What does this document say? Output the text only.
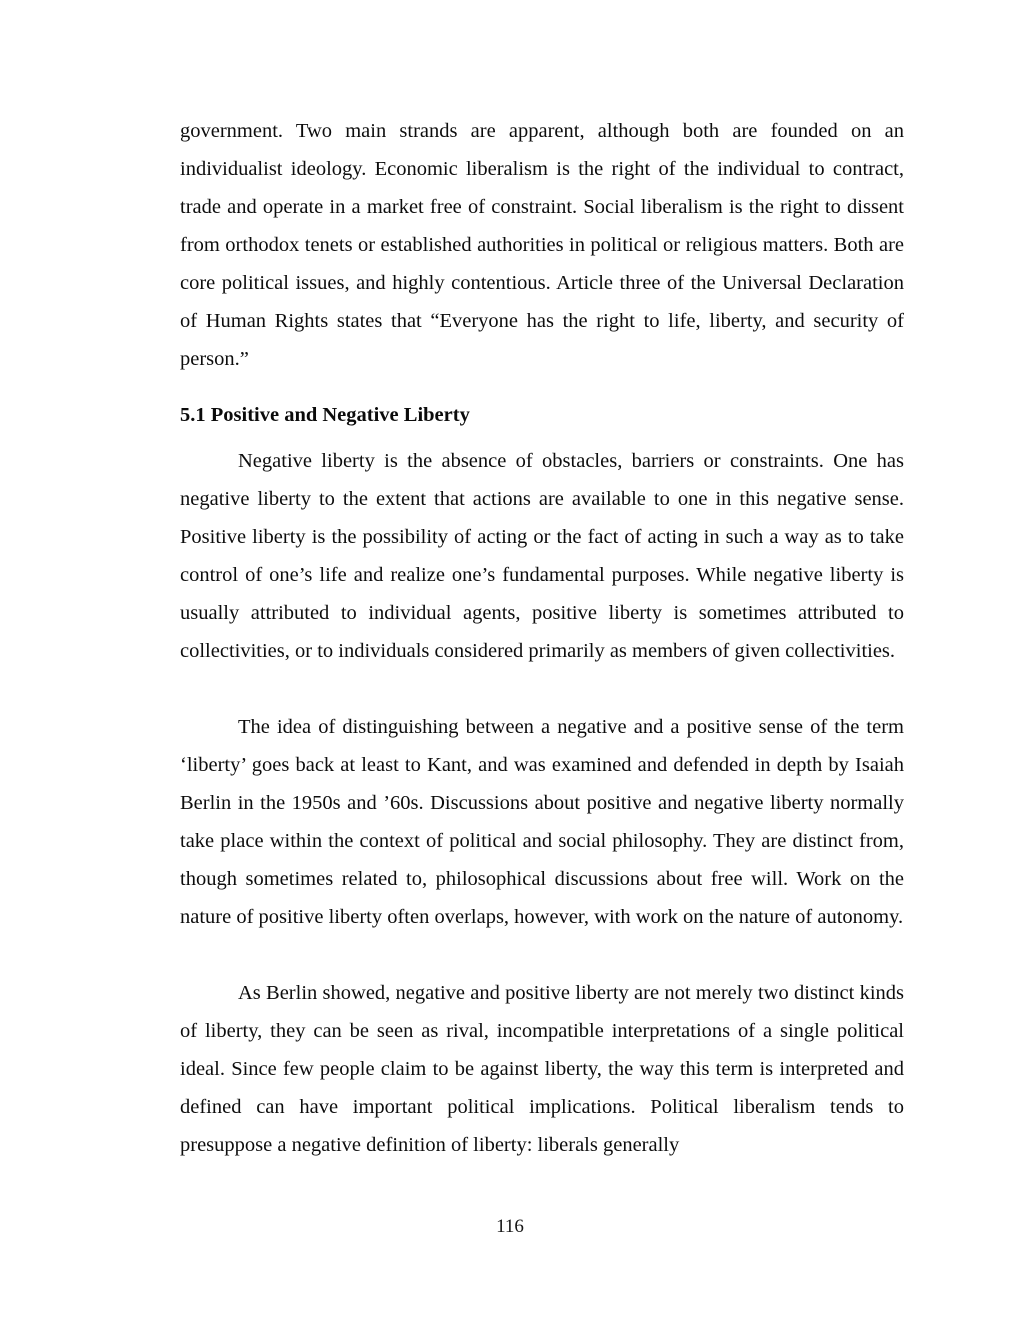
government. Two main strands are apparent, although both are founded on an individualist ideology. Economic liberalism is the right of the individual to contract, trade and operate in a market free of constraint. Social liberalism is the right to dissent from orthodox tenets or established authorities in political or religious matters. Both are core political issues, and highly contentious. Article three of the Universal Declaration of Human Rights states that “Everyone has the right to life, liberty, and security of person.”

5.1 Positive and Negative Liberty

Negative liberty is the absence of obstacles, barriers or constraints. One has negative liberty to the extent that actions are available to one in this negative sense. Positive liberty is the possibility of acting or the fact of acting in such a way as to take control of one’s life and realize one’s fundamental purposes. While negative liberty is usually attributed to individual agents, positive liberty is sometimes attributed to collectivities, or to individuals considered primarily as members of given collectivities.

The idea of distinguishing between a negative and a positive sense of the term ‘liberty’ goes back at least to Kant, and was examined and defended in depth by Isaiah Berlin in the 1950s and ’60s. Discussions about positive and negative liberty normally take place within the context of political and social philosophy. They are distinct from, though sometimes related to, philosophical discussions about free will. Work on the nature of positive liberty often overlaps, however, with work on the nature of autonomy.

As Berlin showed, negative and positive liberty are not merely two distinct kinds of liberty, they can be seen as rival, incompatible interpretations of a single political ideal. Since few people claim to be against liberty, the way this term is interpreted and defined can have important political implications. Political liberalism tends to presuppose a negative definition of liberty: liberals generally

116
